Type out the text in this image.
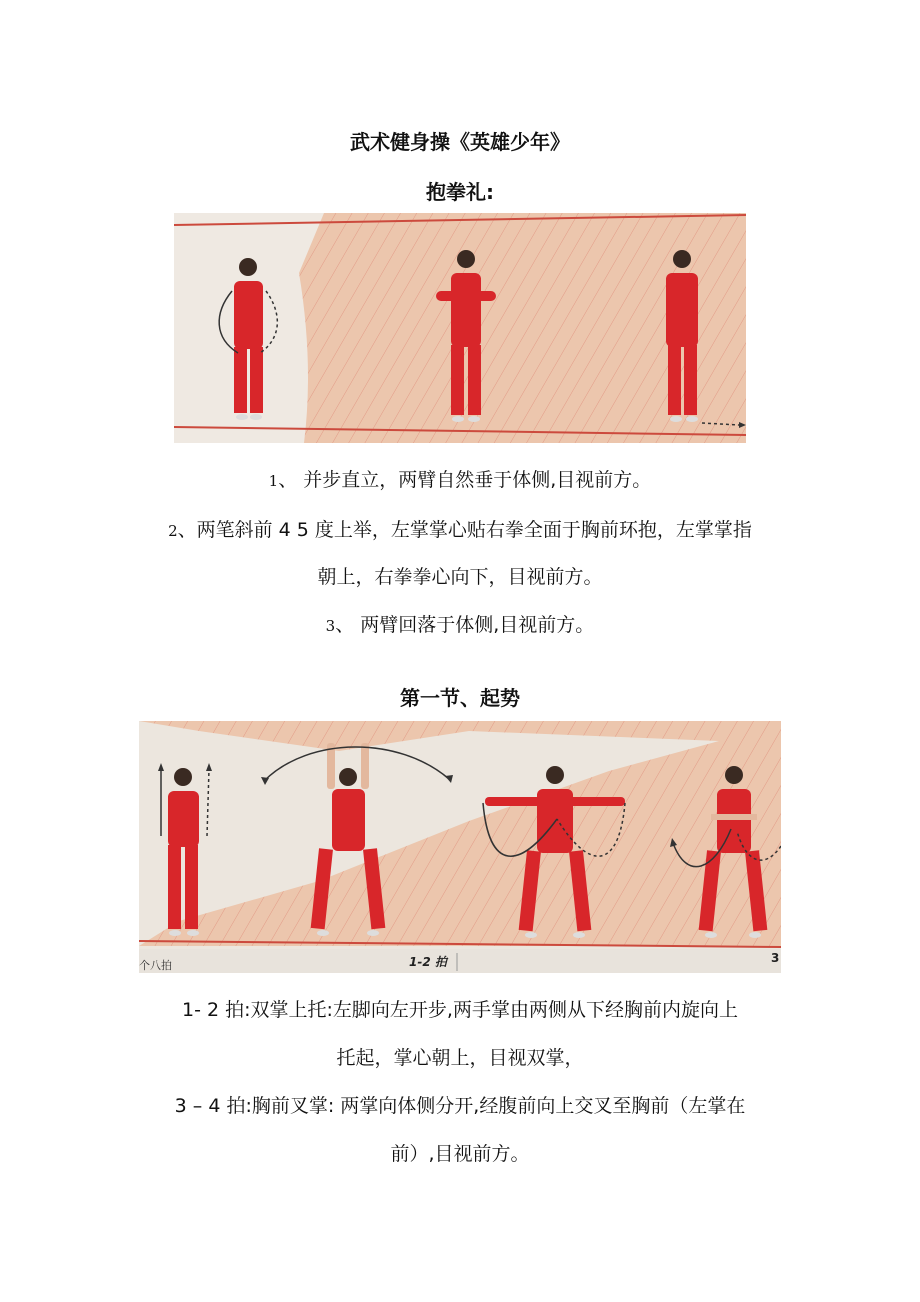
武术健身操《英雄少年》
抱拳礼:
1、 并步直立，两臂自然垂于体侧,目视前方。
2、两笔斜前 4 5 度上举，左掌掌心贴右拳全面于胸前环抱，左掌掌指
朝上，右拳拳心向下，目视前方。
3、 两臂回落于体侧,目视前方。
第一节、起势
个八拍	1-2 拍	3
1- 2 拍:双掌上托:左脚向左开步,两手掌由两侧从下经胸前内旋向上
托起，掌心朝上，目视双掌，
3 – 4 拍:胸前叉掌: 两掌向体侧分开,经腹前向上交叉至胸前（左掌在
前）,目视前方。
